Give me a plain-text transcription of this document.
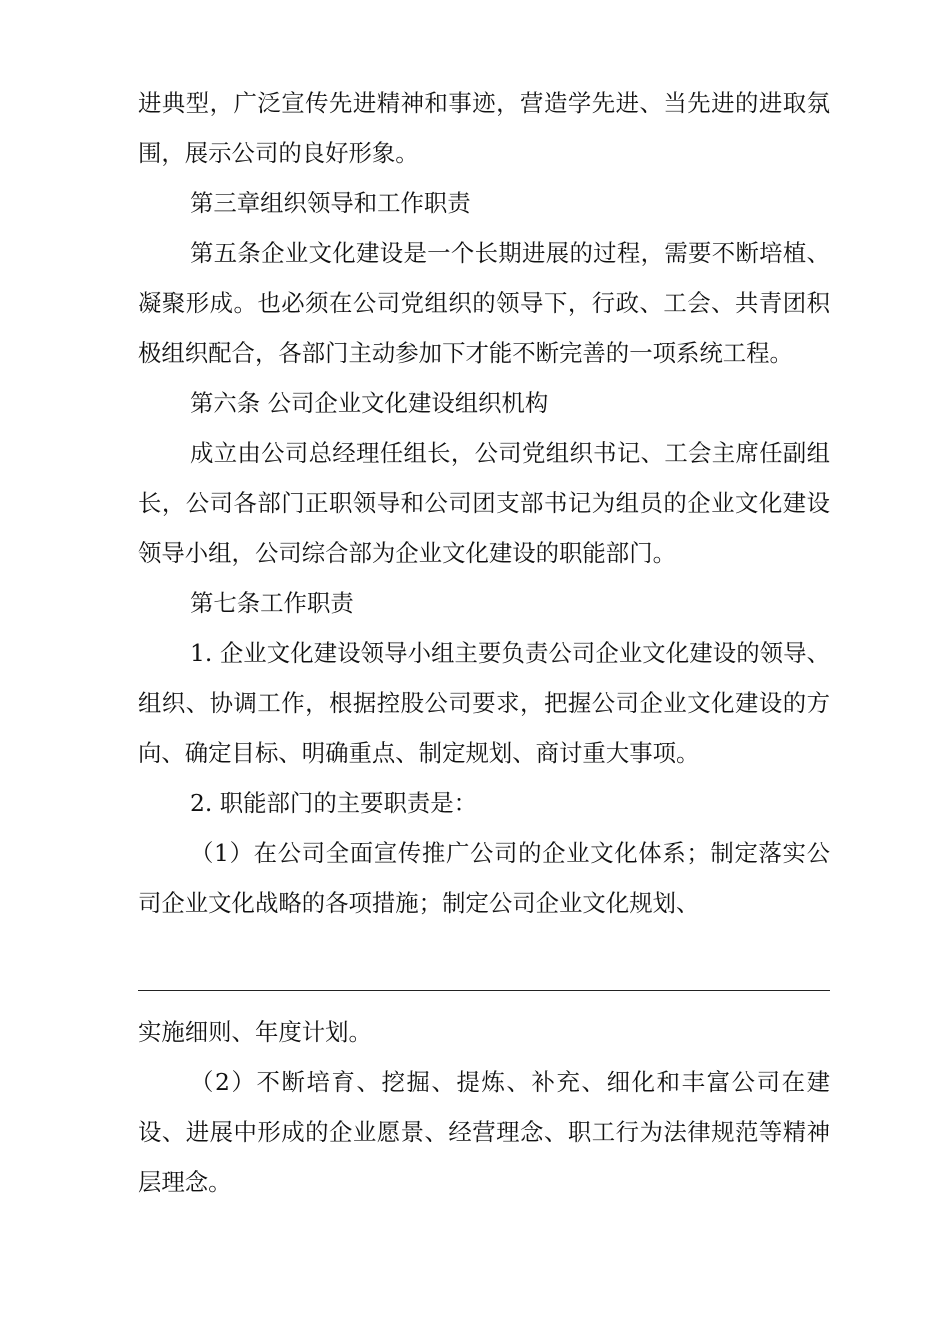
进典型，广泛宣传先进精神和事迹，营造学先进、当先进的进取氛围，展示公司的良好形象。

第三章组织领导和工作职责

第五条企业文化建设是一个长期进展的过程，需要不断培植、凝聚形成。也必须在公司党组织的领导下，行政、工会、共青团积极组织配合，各部门主动参加下才能不断完善的一项系统工程。

第六条 公司企业文化建设组织机构

成立由公司总经理任组长，公司党组织书记、工会主席任副组长，公司各部门正职领导和公司团支部书记为组员的企业文化建设领导小组，公司综合部为企业文化建设的职能部门。

第七条工作职责

1. 企业文化建设领导小组主要负责公司企业文化建设的领导、组织、协调工作，根据控股公司要求，把握公司企业文化建设的方向、确定目标、明确重点、制定规划、商讨重大事项。

2. 职能部门的主要职责是：

（1）在公司全面宣传推广公司的企业文化体系；制定落实公司企业文化战略的各项措施；制定公司企业文化规划、

实施细则、年度计划。

（2）不断培育、挖掘、提炼、补充、细化和丰富公司在建设、进展中形成的企业愿景、经营理念、职工行为法律规范等精神层理念。
